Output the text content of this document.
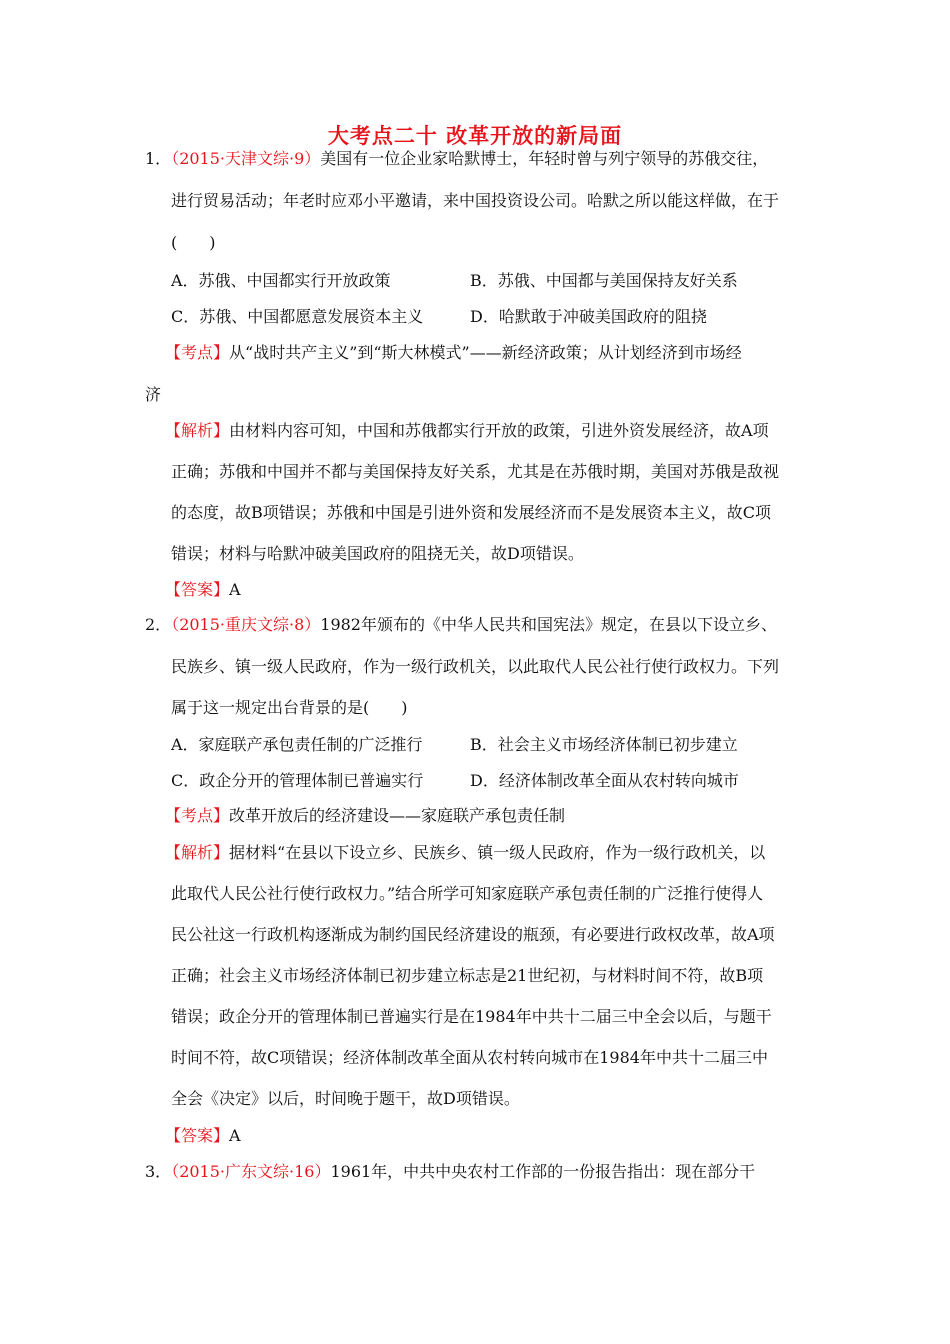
大考点二十 改革开放的新局面
1．（2015·天津文综·9）美国有一位企业家哈默博士，年轻时曾与列宁领导的苏俄交往，
进行贸易活动；年老时应邓小平邀请，来中国投资设公司。哈默之所以能这样做，在于
(　　)
A．苏俄、中国都实行开放政策	B．苏俄、中国都与美国保持友好关系
C．苏俄、中国都愿意发展资本主义	D．哈默敢于冲破美国政府的阻挠
【考点】从“战时共产主义”到“斯大林模式”——新经济政策；从计划经济到市场经
济
【解析】由材料内容可知，中国和苏俄都实行开放的政策，引进外资发展经济，故A项
正确；苏俄和中国并不都与美国保持友好关系，尤其是在苏俄时期，美国对苏俄是敌视
的态度，故B项错误；苏俄和中国是引进外资和发展经济而不是发展资本主义，故C项
错误；材料与哈默冲破美国政府的阻挠无关，故D项错误。
【答案】A
2．（2015·重庆文综·8）1982年颁布的《中华人民共和国宪法》规定，在县以下设立乡、
民族乡、镇一级人民政府，作为一级行政机关，以此取代人民公社行使行政权力。下列
属于这一规定出台背景的是(　　)
A．家庭联产承包责任制的广泛推行	B．社会主义市场经济体制已初步建立
C．政企分开的管理体制已普遍实行	D．经济体制改革全面从农村转向城市
【考点】改革开放后的经济建设——家庭联产承包责任制
【解析】据材料“在县以下设立乡、民族乡、镇一级人民政府，作为一级行政机关，以
此取代人民公社行使行政权力。”结合所学可知家庭联产承包责任制的广泛推行使得人
民公社这一行政机构逐渐成为制约国民经济建设的瓶颈，有必要进行政权改革，故A项
正确；社会主义市场经济体制已初步建立标志是21世纪初，与材料时间不符，故B项
错误；政企分开的管理体制已普遍实行是在1984年中共十二届三中全会以后，与题干
时间不符，故C项错误；经济体制改革全面从农村转向城市在1984年中共十二届三中
全会《决定》以后，时间晚于题干，故D项错误。
【答案】A
3．（2015·广东文综·16）1961年，中共中央农村工作部的一份报告指出：现在部分干
